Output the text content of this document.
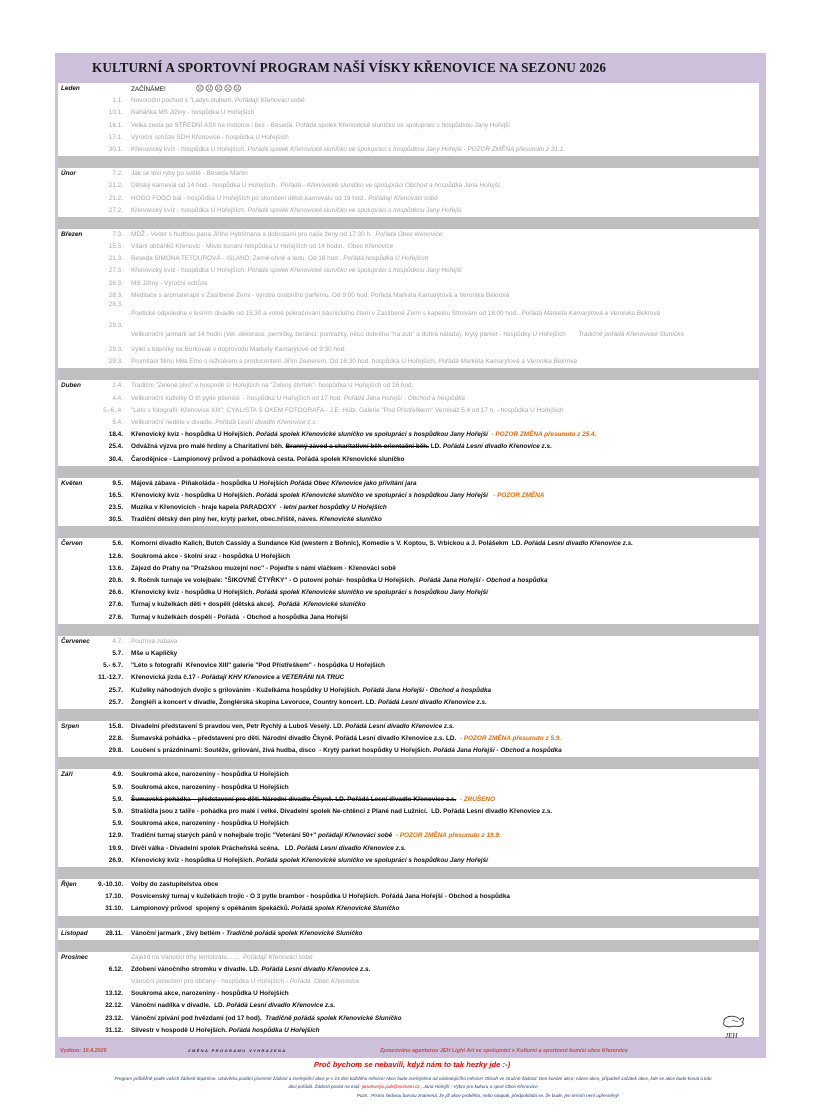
KULTURNÍ A SPORTOVNÍ PROGRAM NAŠÍ VÍSKY KŘENOVICE NA SEZONU 2026
Leden	ZAČÍNÁME!	☹☹☹☹☹
1.1. Novoroční pochod s "Ladys clubem. Pořádají Křenováci sobě.
10.1. Naháňka MS Jižiny - hospůdka U Hořejších
16.1. Velká cesta po STŘEDNÍ ASII na motorce i bez - Beseda. Pořádá spolek Křenovické sluníčko ve spolupráci s hospůdkou Jany Hořejší
17.1. Výroční schůze SDH Křenovice - hospůdka U Hořejších
30.1. Křenovický kvíz - hospůdka U Hořejších. Pořádá spolek Křenovické sluníčko ve spolupráci s hospůdkou Jany Hořejší - POZOR ZMĚNA přesunuto z 31.1.
Únor	7.2. Jak se loví ryby po světě - Beseda Martin
21.2. Dětský karneval od 14 hod.- hospůdka U Hořejších.  Pořádá - Křenovické sluníčko ve spolupráci Obchod a hospůdka Jana Hořejší.
21.2. HOGO FOGO bál - hospůdka U Hořejších po skončení dětsk.karnevalu od 19 hod.. Pořádají Křenováci sobě
27.2. Křenovický kvíz - hospůdka U Hořejších. Pořádá spolek Křenovické sluníčko ve spolupráci s hospůdkou Jany Hořejší
Březen	7.3. MDŽ - Večer s hudbou pana Jiřího Hybšmana a dobrotami pro naše ženy od 17:30 h.  Pořádá Obec křenovice
15.3. Vítání občánků Křenovic - Místo konání hospůdka U Hořejších od 14 hodin.  Obec Křenovice
21.3. Beseda SIMONA TETOUROVÁ - ISLAND: Země ohně a ledu. Od 18 hod.. Pořádá hospůdka U Hořejších
27.3. Křenovický kvíz - hospůdka U Hořejších. Pořádá spolek Křenovické sluníčko ve spolupráci s hospůdkou Jany Hořejší
28.3. MS Jižiny - Výroční schůze
28.3. Meditace s aromaterapií v Zaslíbené Zemi - výroba osobního parfému. Od 9:00 hod. Pořádá Markéta Kamarýtová a Veronika Bekrová
28.3.
Poetické odpoledne v lesním divadle od 15:30 a volné pokračování básnického čtení v Zaslíbené Zemi s kapelou Stmívání od 18:00 hod.. Pořádá Markéta Kamarýtová a Veronika Bekrová
29.3.
Velikonoční jarmark od 14 hodin (Vel. dekorace, perníčky, beránci, pomlázky, něco dobrého "na zub" a dobrá nálada). krytý parket - hospůdky U Hořejších       Tradičně pořádá Křenovické Sluníčko
29.3. Výlet s básníky na Burkovák v doprovodu Markéty Kamarýtové od 9:30 hod.
29.3. Promítání filmu Milá Emo s režisérem a producentem Jiřím Zeinerem. Od 16:30 hod. hospůdka U Hořejších. Pořádá Markéta Kamarýtová a Veronika Bekrová
Duben	2.4. Tradiční "Zelené pivo" v hospodě U Hořejších na "Zelený čtvrtek"- hospůdka U Hořejších od 16 hod.
4.4. Velikonoční kuželky O tři pytle pšenice  - hospůdka U Hořejších od 17 hod. Pořádá Jana Hořejší - Obchod a hospůdka
5.-6..4. "Léto s fotografií  Křenovice XIII": CYKLISTA S OKEM FOTOGRAFA - J.E. Hübl. Galerie "Pod Přístřeškem" Vernisáž 5.4 od 17 h. - hospůdka U Hořejších
5.4. Velikonoční neděle v divadle. Pořádá Lesní divadlo Křenovice z.s.
18.4. Křenovický kvíz - hospůdka U Hořejších. Pořádá spolek Křenovické sluníčko ve spolupráci s hospůdkou Jany Hořejší  - POZOR ZMĚNA přesunuto z 25.4.
25.4. Odvážná výzva pro malé hrdiny a Charitativní běh. Branný závod a charitativní běh orientační běh. LD. Pořádá Lesní divadlo Křenovice z.s.
30.4. Čarodějnice - Lampionový průvod a pohádková cesta. Pořádá spolek Křenovické sluníčko
Květen	9.5. Májová zábava - Piňakoláda - hospůdka U Hořejších Pořádá Obec Křenovice jako přivítání jara
16.5. Křenovický kvíz - hospůdka U Hořejších. Pořádá spolek Křenovické sluníčko ve spolupráci s hospůdkou Jany Hořejší   - POZOR ZMĚNA
23.5. Muzika v Křenovicích - hraje kapela PARADOXY  - letní parket hospůdky U Hořejších
30.5. Tradiční dětský den plný her, krytý parket, obec.hřiště, náves. Křenovické sluníčko
Červen	5.6. Komorní divadlo Kalich, Butch Cassidy a Sundance Kid (western z Bohnic), Komedie s V. Koptou, S. Vrbickou a J. Polášekm  LD. Pořádá Lesní divadlo Křenovice z.s.
12.6. Soukromá akce - školní sraz - hospůdka U Hořejších
13.6. Zájezd do Prahy na "Pražskou muzejní noc" - Pojeďte s námi vláčkem - Křenováci sobě
20.6. 9. Ročník turnaje ve volejbale: "ŠIKOVNÉ ČTYŘKY" - O putovní pohár- hospůdka U Hořejších.  Pořádá Jana Hořejší - Obchod a hospůdka
26.6. Křenovický kvíz - hospůdka U Hořejších. Pořádá spolek Křenovické sluníčko ve spolupráci s hospůdkou Jany Hořejší
27.6. Turnaj v kuželkách děti + dospělí (dětská akce).  Pořádá  Křenovické sluníčko
27.6. Turnaj v kuželkách dospělí - Pořádá  - Obchod a hospůdka Jana Hořejší
Červenec	4.7. Pouťová zábava
5.7. Mše u Kapličky
5.- 6.7. "Léto s fotografií  Křenovice XIII" galerie "Pod Přístřeškem" - hospůdka U Hořejších
11.-12.7. Křenovická jízda č.17 - Pořádají KHV Křenovice a VETERÁNI NA TRUC
25.7. Kuželky náhodných dvojic s grilováním - Kuželkáma hospůdky U Hořejších. Pořádá Jana Hořejší - Obchod a hospůdka
25.7. Žongléři a koncert v divadle, Žonglérská skupina Levoruce, Country koncert. LD. Pořádá Lesní divadlo Křenovice z.s.
Srpen	15.8. Divadelní představení S pravdou ven, Petr Rychlý a Luboš Veselý. LD. Pořádá Lesní divadlo Křenovice z.s.
22.8. Šumavská pohádka – představení pro děti. Národní divadlo Čkyně. Pořádá Lesní divadlo Křenovice z.s. LD.  - POZOR ZMĚNA přesunuto z 5.9.
29.8. Loučení s prázdninami: Soutěže, grilování, živá hudba, disco  - Krytý parket hospůdky U Hořejších. Pořádá Jana Hořejší - Obchod a hospůdka
Září	4.9. Soukromá akce, narozeniny - hospůdka U Hořejších
5.9. Soukromá akce, narozeniny - hospůdka U Hořejších
5.9. Šumavská pohádka – představení pro děti. Národní divadlo Čkyně. LD. Pořádá Lesní divadlo Křenovice z.s.  - ZRUŠENO
5.9. Strašidla jsou z talíře - pohádka pro malé i velké. Divadelní spolek Ne-chtěnci z Plané nad Lužnicí.  LD. Pořádá Lesní divadlo Křenovice z.s.
5.9. Soukromá akce, narozeniny - hospůdka U Hořejších
12.9. Tradiční turnaj starých pánů v nohejbale trojic "Veteráni 50+" pořádají Křenováci sobě  - POZOR ZMĚNA přesunuto z 19.9.
19.9. Dívčí válka - Divadelní spolek Prácheňská scéna.   LD. Pořádá Lesní divadlo Křenovice z.s.
26.9. Křenovický kvíz - hospůdka U Hořejších. Pořádá spolek Křenovické sluníčko ve spolupráci s hospůdkou Jany Hořejší
Říjen	9.-10.10. Volby do zastupitelstva obce
17.10. Posvícenský turnaj v kuželkách trojic - O 3 pytle brambor - hospůdka U Hořejších. Pořádá Jana Hořejší - Obchod a hospůdka
31.10. Lampionový průvod  spojený s opékáním špekáčků. Pořádá spolek Křenovické Sluníčko
Listopad	28.11. Vánoční jarmark , živý betlém - Tradičně pořádá spolek Křenovické Sluníčko
Prosinec	Zájezd na Vánoční trhy tentokráte.......  Pořádají Křenováci sobě
6.12. Zdobení vánočního stromku v divadle. LD. Pořádá Lesní divadlo Křenovice z.s.
Vánoční posezení pro občany - hospůdka U Hořejších - Pořádá  Obec Křenovice
13.12. Soukromá akce, narozeniny - hospůdka U Hořejších
22.12. Vánoční nadílka v divadle.  LD. Pořádá Lesní divadlo Křenovice z.s.
23.12. Vánoční zpívání pod hvězdami (od 17 hod).  Tradičně pořádá spolek Křenovické Sluníčko
31.12. Silvestr v hospodě U Hořejších. Pořádá hospůdka U Hořejších
JEH
Vydáno: 16.4.2026	ZMĚNA PROGRAMU VYHRAZENA	Zpracováno agenturou JEH Light Art ve spolupráci s Kulturní a sportovní komisí obce Křenovice
Proč bychom se nebavili, když nám to tak hezky jde :-)
Program průběžně podle vašich žádostí doplníme. Uzávěrka podání písemné žádosti a zveřejnění akce je v 15 den každého měsíce! Akce bude zveřejněna od následujícího měsíce! Obsah ve stručné žádosti: Den konání akce; název akce, případně začátek akce, kde se akce bude konat a kdo
akci pořádá. Žádosti poslat na mail: janahorejsi.pub@seznam.cz , Jana Hořejší - Výbor pro kulturu a sport Obce Křenovice
Pozn.: Písmo šedivou barvou znamená, že již akce proběhla, nebo naopak, předpokládá se, že bude, jen termín není upřesněný!
